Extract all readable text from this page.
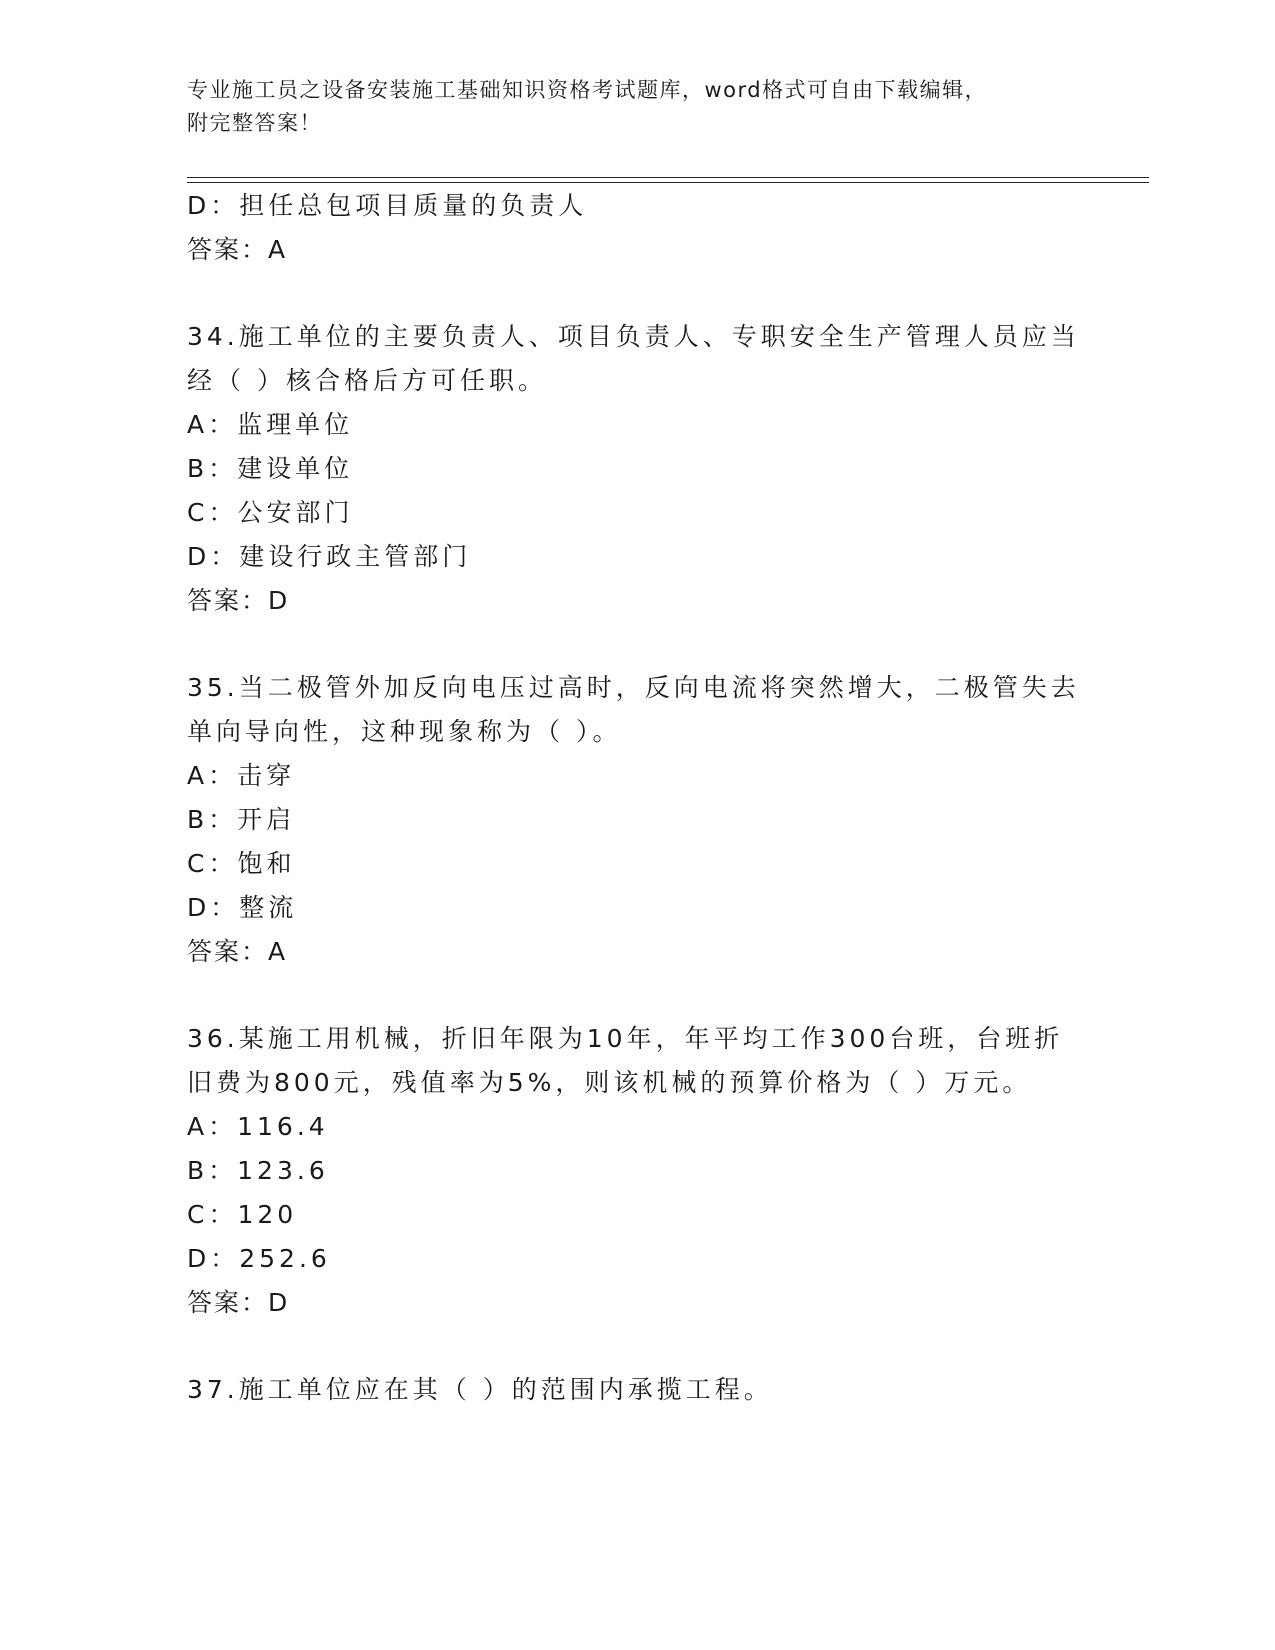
专业施工员之设备安装施工基础知识资格考试题库，word格式可自由下载编辑，
附完整答案！
D：担任总包项目质量的负责人
答案：A
34.施工单位的主要负责人、项目负责人、专职安全生产管理人员应当
经（ ）核合格后方可任职。
A：监理单位
B：建设单位
C：公安部门
D：建设行政主管部门
答案：D
35.当二极管外加反向电压过高时，反向电流将突然增大，二极管失去
单向导向性，这种现象称为（ ）。
A：击穿
B：开启
C：饱和
D：整流
答案：A
36.某施工用机械，折旧年限为10年，年平均工作300台班，台班折
旧费为800元，残值率为5%，则该机械的预算价格为（ ）万元。
A：116.4
B：123.6
C：120
D：252.6
答案：D
37.施工单位应在其（ ）的范围内承揽工程。
